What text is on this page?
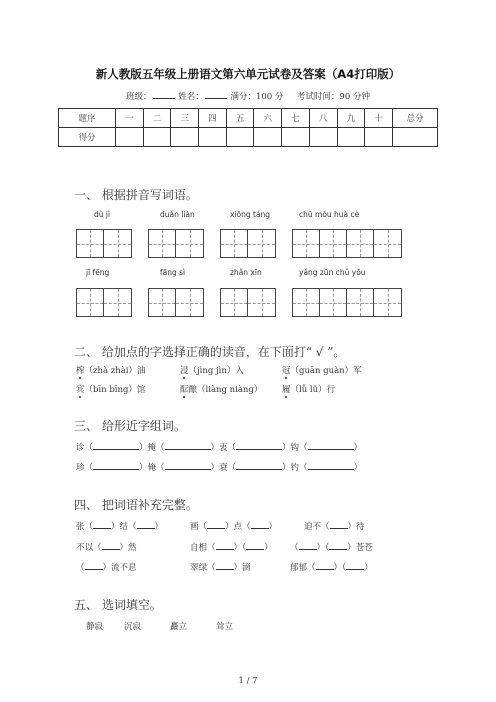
新人教版五年级上册语文第六单元试卷及答案（A4打印版）
班级：	姓名：	满分：100 分 考试时间：90 分钟
题序	一	二	三	四	五	六	七	八	九	十	总分
得分											
一、 根据拼音写词语。
dù jì	duàn liàn	xiōng táng	chū móu huà cè
jī fēng	fāng sì	zhǎn xīn	yǎng zūn chǔ yōu
二、 给加点的字选择正确的读音，在下面打“ √ ”。
榨（zhà zhài）油	浸（jìng jìn）入	冠（guān guàn）军
宾（bīn bīng）馆	酝酿（liàng niàng） 履（lǚ lǔ）行
三、 给形近字组词。
诊（	）掩（	）衷（	）钩（	）
珍（	）俺（	）衰（	）钓（	）
四、 把词语补充完整。
张（ ）结（ ）	画（ ）点（ ）	迫不（ ）待
不以（ ）然	自相（ ）（ ） （ ）（ ）苍苍
（ ）流不息	翠绿（ ）滴	郁郁（ ）（ ）
五、 选词填空。
静寂 沉寂	矗立	耸立
1 / 7
